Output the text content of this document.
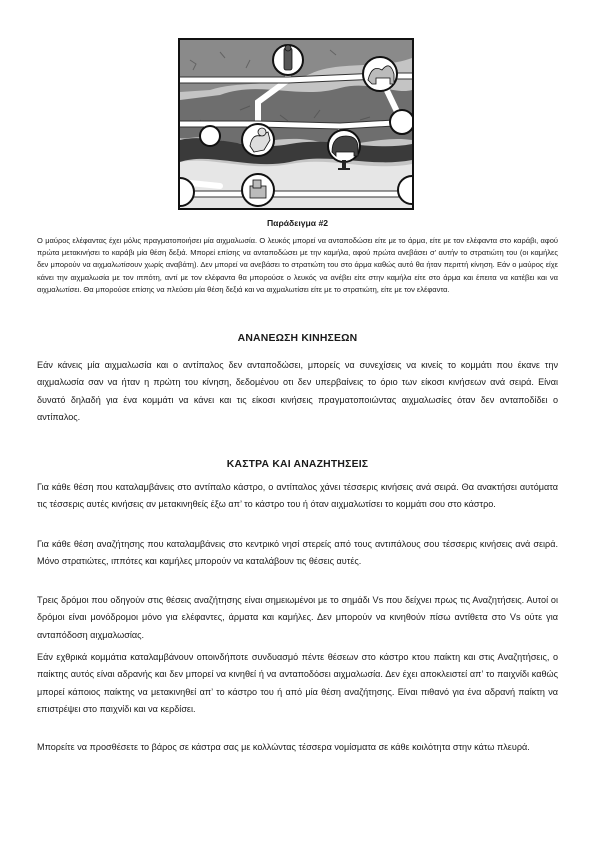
Παράδειγμα #2

Ο μαύρος ελέφαντας έχει μόλις πραγματοποιήσει μία αιχμαλωσία. Ο λευκός μπορεί να ανταποδώσει είτε με το άρμα, είτε με τον ελέφαντα στο καράβι, αφού πρώτα μετακινήσει το καράβι μία θέση δεξιά. Μπορεί επίσης να ανταποδώσει με την καμήλα, αφού πρώτα ανεβάσει σ’ αυτήν το στρατιώτη του (οι καμήλες δεν μπορούν να αιχμαλωτίσουν χωρίς αναβάτη). Δεν μπορεί να ανεβάσει το στρατιώτη του στο άρμα καθώς αυτό θα ήταν περιττή κίνηση. Εάν ο μαύρος είχε κάνει την αιχμαλωσία με τον ιππότη, αντί με τον ελέφαντα θα μπορούσε ο λευκός να ανέβει είτε στην καμήλα είτε στο άρμα και έπειτα να κατέβει και να αιχμαλωτίσει. Θα μπορούσε επίσης να πλεύσει μία θέση δεξιά και να αιχμαλωτίσει είτε με το στρατιώτη, είτε με τον ελέφαντα.

ΑΝΑΝΕΩΣΗ ΚΙΝΗΣΕΩΝ

Εάν κάνεις μία αιχμαλωσία και ο αντίπαλος δεν ανταποδώσει, μπορείς να συνεχίσεις να κινείς το κομμάτι που έκανε την αιχμαλωσία σαν να ήταν η πρώτη του κίνηση, δεδομένου οτι δεν υπερβαίνεις το όριο των είκοσι κινήσεων ανά σειρά. Είναι δυνατό δηλαδή για ένα κομμάτι να κάνει και τις είκοσι κινήσεις πραγματοποιώντας αιχμαλωσίες όταν δεν ανταποδίδει ο αντίπαλος.

ΚΑΣΤΡΑ ΚΑΙ ΑΝΑΖΗΤΗΣΕΙΣ

Για κάθε θέση που καταλαμβάνεις στο αντίπαλο κάστρο, ο αντίπαλος χάνει τέσσερις κινήσεις ανά σειρά. Θα ανακτήσει αυτόματα τις τέσσερις αυτές κινήσεις αν μετακινηθείς έξω απ’ το κάστρο του ή όταν αιχμαλωτίσει το κομμάτι σου στο κάστρο.

Για κάθε θέση αναζήτησης που καταλαμβάνεις στο κεντρικό νησί στερείς από τους αντιπάλους σου τέσσερις κινήσεις ανά σειρά. Μόνο στρατιώτες, ιππότες και καμήλες μπορούν να καταλάβουν τις θέσεις αυτές.

Τρεις δρόμοι που οδηγούν στις θέσεις αναζήτησης είναι σημειωμένοι με το σημάδι Vs που δείχνει πρως τις Αναζητήσεις. Αυτοί οι δρόμοι είναι μονόδρομοι μόνο για ελέφαντες, άρματα και καμήλες. Δεν μπορούν να κινηθούν πίσω αντίθετα στο Vs ούτε για ανταπόδοση αιχμαλωσίας.

Εάν εχθρικά κομμάτια καταλαμβάνουν οποινδήποτε συνδυασμό πέντε θέσεων στο κάστρο κτου παίκτη και στις Αναζητήσεις, ο παίκτης αυτός είναι αδρανής και δεν μπορεί να κινηθεί ή να ανταποδόσει αιχμαλωσία. Δεν έχει αποκλειστεί απ’ το παιχνίδι καθώς μπορεί κάποιος παίκτης να μετακινηθεί απ’ το κάστρο του ή από μία θέση αναζήτησης. Είναι πιθανό για ένα αδρανή παίκτη να επιστρέψει στο παιχνίδι και να κερδίσει.

Μπορείτε να προσθέσετε το βάρος σε κάστρα σας με κολλώντας τέσσερα νομίσματα σε κάθε κοιλότητα στην κάτω πλευρά.
